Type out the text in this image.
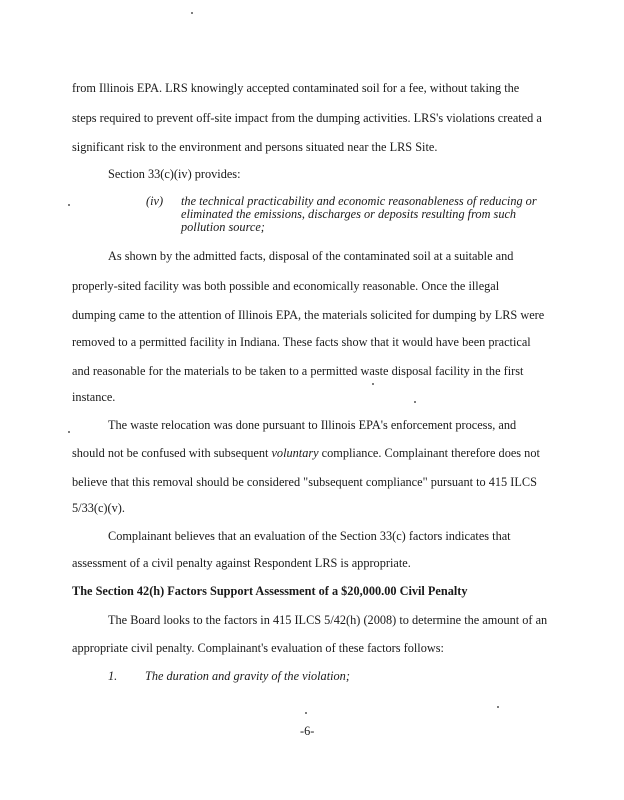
from Illinois EPA. LRS knowingly accepted contaminated soil for a fee, without taking the
steps required to prevent off-site impact from the dumping activities. LRS's violations created a
significant risk to the environment and persons situated near the LRS Site.
Section 33(c)(iv) provides:
(iv) the technical practicability and economic reasonableness of reducing or
eliminated the emissions, discharges or deposits resulting from such
pollution source;
As shown by the admitted facts, disposal of the contaminated soil at a suitable and
properly-sited facility was both possible and economically reasonable. Once the illegal
dumping came to the attention of Illinois EPA, the materials solicited for dumping by LRS were
removed to a permitted facility in Indiana. These facts show that it would have been practical
and reasonable for the materials to be taken to a permitted waste disposal facility in the first
instance.
The waste relocation was done pursuant to Illinois EPA's enforcement process, and
should not be confused with subsequent voluntary compliance. Complainant therefore does not
believe that this removal should be considered "subsequent compliance" pursuant to 415 ILCS
5/33(c)(v).
Complainant believes that an evaluation of the Section 33(c) factors indicates that
assessment of a civil penalty against Respondent LRS is appropriate.
The Section 42(h) Factors Support Assessment of a $20,000.00 Civil Penalty
The Board looks to the factors in 415 ILCS 5/42(h) (2008) to determine the amount of an
appropriate civil penalty. Complainant's evaluation of these factors follows:
1. The duration and gravity of the violation;
-6-
